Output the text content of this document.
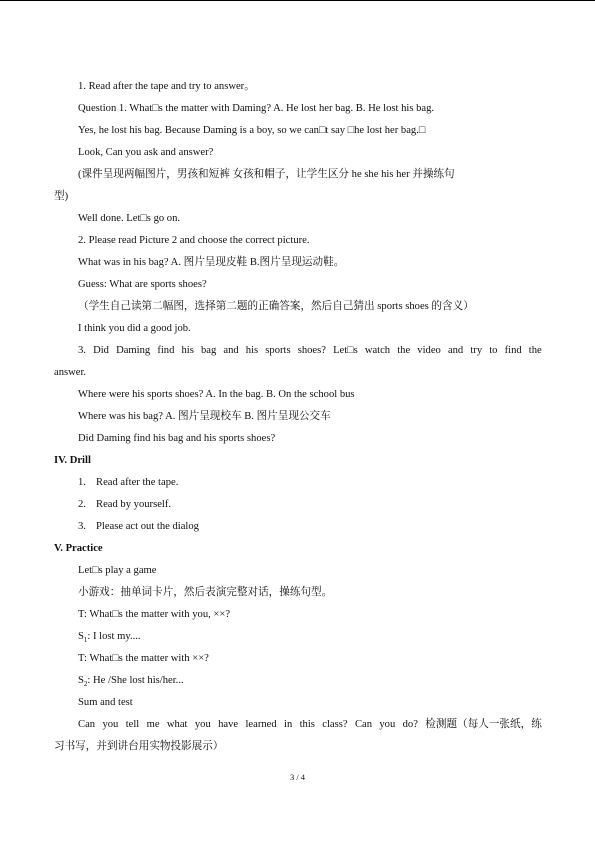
1. Read after the tape and try to answer。
Question 1. What□s the matter with Daming? A. He lost her bag. B. He lost his bag.
Yes, he lost his bag. Because Daming is a boy, so we can□t say □he lost her bag.□
Look, Can you ask and answer?
(课件呈现两幅图片，男孩和短裤 女孩和帽子，让学生区分 he she his her 并操练句
型)
Well done. Let□s go on.
2. Please read Picture 2 and choose the correct picture.
What was in his bag? A. 图片呈现皮鞋 B.图片呈现运动鞋。
Guess: What are sports shoes?
（学生自己读第二幅图，选择第二题的正确答案，然后自己猜出 sports shoes 的含义）
I think you did a good job.
3. Did Daming find his bag and his sports shoes? Let□s watch the video and try to find the
answer.
Where were his sports shoes? A. In the bag. B. On the school bus
Where was his bag? A. 图片呈现校车 B. 图片呈现公交车
Did Daming find his bag and his sports shoes?
IV. Drill
1. Read after the tape.
2. Read by yourself.
3. Please act out the dialog
V. Practice
Let□s play a game
小游戏：抽单词卡片，然后表演完整对话，操练句型。
T: What□s the matter with you, ××?
$S_1$: I lost my....
T: What□s the matter with ××?
$S_2$: He /She lost his/her...
Sum and test
Can you tell me what you have learned in this class? Can you do? 检测题（每人一张纸，练
习书写，并到讲台用实物投影展示）
3 / 4
